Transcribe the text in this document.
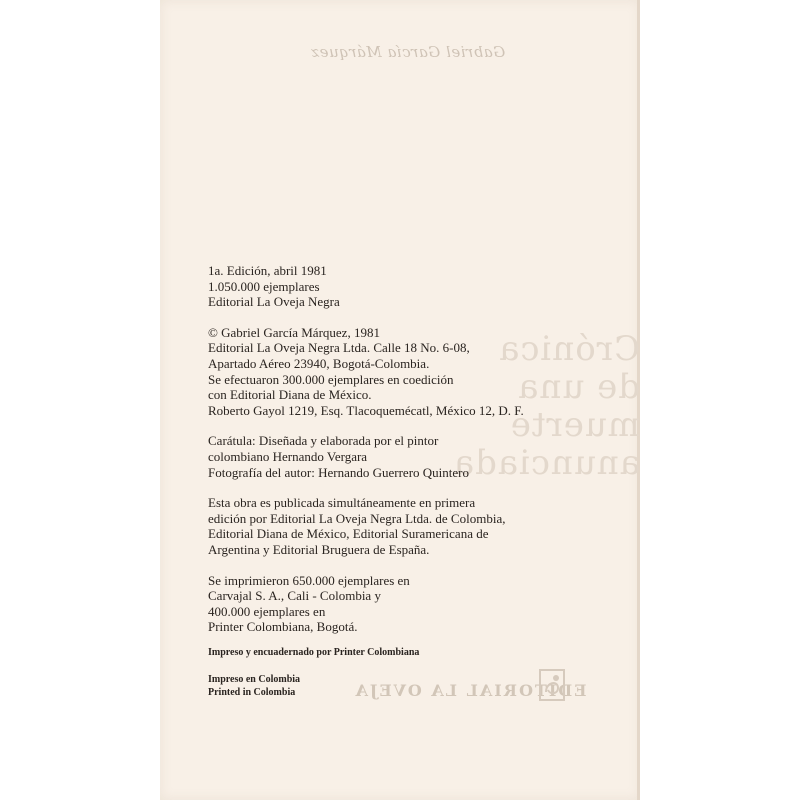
Gabriel García Márquez
Crónica de una muerte anunciada
EDITORIAL LA OVEJA
1a. Edición, abril 1981
1.050.000 ejemplares
Editorial La Oveja Negra
© Gabriel García Márquez, 1981
Editorial La Oveja Negra Ltda. Calle 18 No. 6-08,
Apartado Aéreo 23940, Bogotá-Colombia.
Se efectuaron 300.000 ejemplares en coedición
con Editorial Diana de México.
Roberto Gayol 1219, Esq. Tlacoquemécatl, México 12, D. F.
Carátula: Diseñada y elaborada por el pintor
colombiano Hernando Vergara
Fotografía del autor: Hernando Guerrero Quintero
Esta obra es publicada simultáneamente en primera
edición por Editorial La Oveja Negra Ltda. de Colombia,
Editorial Diana de México, Editorial Suramericana de
Argentina y Editorial Bruguera de España.
Se imprimieron 650.000 ejemplares en
Carvajal S. A., Cali - Colombia y
400.000 ejemplares en
Printer Colombiana, Bogotá.
Impreso y encuadernado por Printer Colombiana
Impreso en Colombia
Printed in Colombia
